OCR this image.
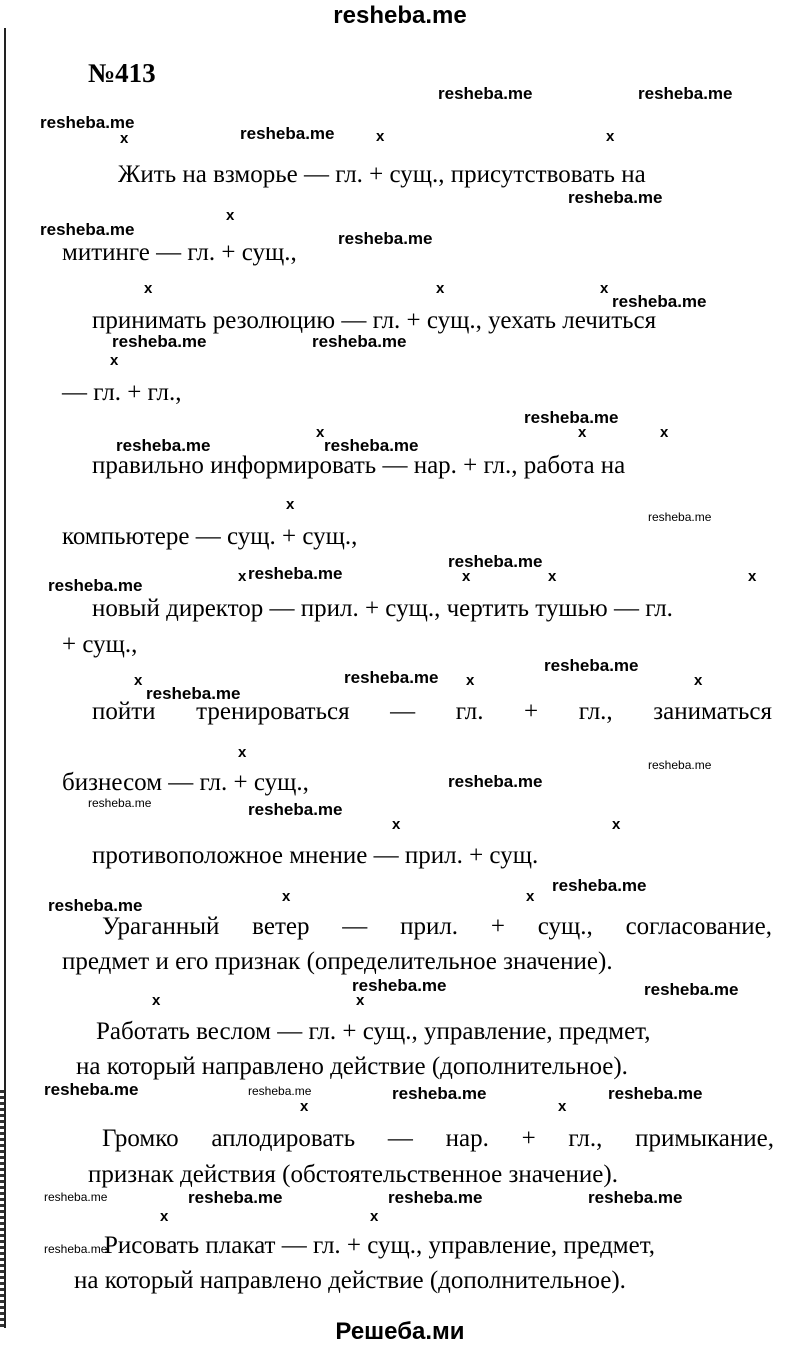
resheba.me
№413
Жить на взморье — гл. + сущ., присутствовать на
митинге — гл. + сущ.,
принимать резолюцию — гл. + сущ., уехать лечиться
— гл. + гл.,
правильно информировать — нар. + гл., работа на
компьютере — сущ. + сущ.,
новый директор — прил. + сущ., чертить тушью — гл.
+ сущ.,
пойти тренироваться — гл. + гл., заниматься
бизнесом — гл. + сущ.,
противоположное мнение — прил. + сущ.
Ураганный ветер — прил. + сущ., согласование,
предмет и его признак (определительное значение).
Работать веслом — гл. + сущ., управление, предмет,
на который направлено действие (дополнительное).
Громко аплодировать — нар. + гл., примыкание,
признак действия (обстоятельственное значение).
Рисовать плакат — гл. + сущ., управление, предмет,
на который направлено действие (дополнительное).
resheba.me	resheba.me
resheba.me
resheba.me
resheba.me
resheba.me	resheba.me
resheba.me
resheba.me	resheba.me
resheba.me
resheba.me	resheba.me
resheba.me
resheba.me
resheba.me
resheba.me
resheba.me
resheba.me
resheba.me
resheba.me
resheba.me
resheba.me	resheba.me
resheba.me
resheba.me
resheba.me	resheba.me
resheba.me	resheba.me	resheba.me	resheba.me
resheba.me	resheba.me	resheba.me	resheba.me
resheba.me
x	x	x
x
x	x	x
x
x	x	x
x
x	x	x	x
x	x	x
x
x	x
x	x
x	x
x	x
x	x
Решеба.ми
